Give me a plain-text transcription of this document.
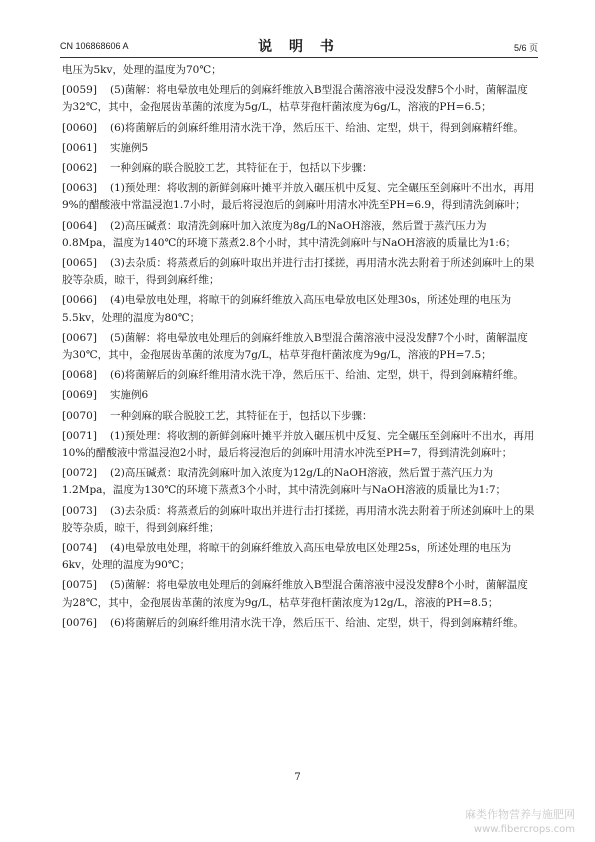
CN 106868606 A	说 明 书	5/6 页

电压为5kv，处理的温度为70℃；

[0059] (5)菌解：将电晕放电处理后的剑麻纤维放入B型混合菌溶液中浸没发酵5个小时，菌解温度为32℃，其中，金孢展齿革菌的浓度为5g/L，枯草芽孢杆菌浓度为6g/L，溶液的PH=6.5；

[0060] (6)将菌解后的剑麻纤维用清水洗干净，然后压干、给油、定型，烘干，得到剑麻精纤维。

[0061] 实施例5

[0062] 一种剑麻的联合脱胶工艺，其特征在于，包括以下步骤：

[0063] (1)预处理：将收割的新鲜剑麻叶摊平并放入碾压机中反复、完全碾压至剑麻叶不出水，再用9%的醋酸液中常温浸泡1.7小时，最后将浸泡后的剑麻叶用清水冲洗至PH=6.9，得到清洗剑麻叶；

[0064] (2)高压碱煮：取清洗剑麻叶加入浓度为8g/L的NaOH溶液，然后置于蒸汽压力为0.8Mpa，温度为140℃的环境下蒸煮2.8个小时，其中清洗剑麻叶与NaOH溶液的质量比为1:6；

[0065] (3)去杂质：将蒸煮后的剑麻叶取出并进行击打揉搓，再用清水洗去附着于所述剑麻叶上的果胶等杂质，晾干，得到剑麻纤维；

[0066] (4)电晕放电处理，将晾干的剑麻纤维放入高压电晕放电区处理30s，所述处理的电压为5.5kv，处理的温度为80℃；

[0067] (5)菌解：将电晕放电处理后的剑麻纤维放入B型混合菌溶液中浸没发酵7个小时，菌解温度为30℃，其中，金孢展齿革菌的浓度为7g/L，枯草芽孢杆菌浓度为9g/L，溶液的PH=7.5；

[0068] (6)将菌解后的剑麻纤维用清水洗干净，然后压干、给油、定型，烘干，得到剑麻精纤维。

[0069] 实施例6

[0070] 一种剑麻的联合脱胶工艺，其特征在于，包括以下步骤：

[0071] (1)预处理：将收割的新鲜剑麻叶摊平并放入碾压机中反复、完全碾压至剑麻叶不出水，再用10%的醋酸液中常温浸泡2小时，最后将浸泡后的剑麻叶用清水冲洗至PH=7，得到清洗剑麻叶；

[0072] (2)高压碱煮：取清洗剑麻叶加入浓度为12g/L的NaOH溶液，然后置于蒸汽压力为1.2Mpa，温度为130℃的环境下蒸煮3个小时，其中清洗剑麻叶与NaOH溶液的质量比为1:7；

[0073] (3)去杂质：将蒸煮后的剑麻叶取出并进行击打揉搓，再用清水洗去附着于所述剑麻叶上的果胶等杂质，晾干，得到剑麻纤维；

[0074] (4)电晕放电处理，将晾干的剑麻纤维放入高压电晕放电区处理25s，所述处理的电压为6kv，处理的温度为90℃；

[0075] (5)菌解：将电晕放电处理后的剑麻纤维放入B型混合菌溶液中浸没发酵8个小时，菌解温度为28℃，其中，金孢展齿革菌的浓度为9g/L，枯草芽孢杆菌浓度为12g/L，溶液的PH=8.5；

[0076] (6)将菌解后的剑麻纤维用清水洗干净，然后压干、给油、定型，烘干，得到剑麻精纤维。

7
麻类作物营养与施肥网
www.fibercrops.com
